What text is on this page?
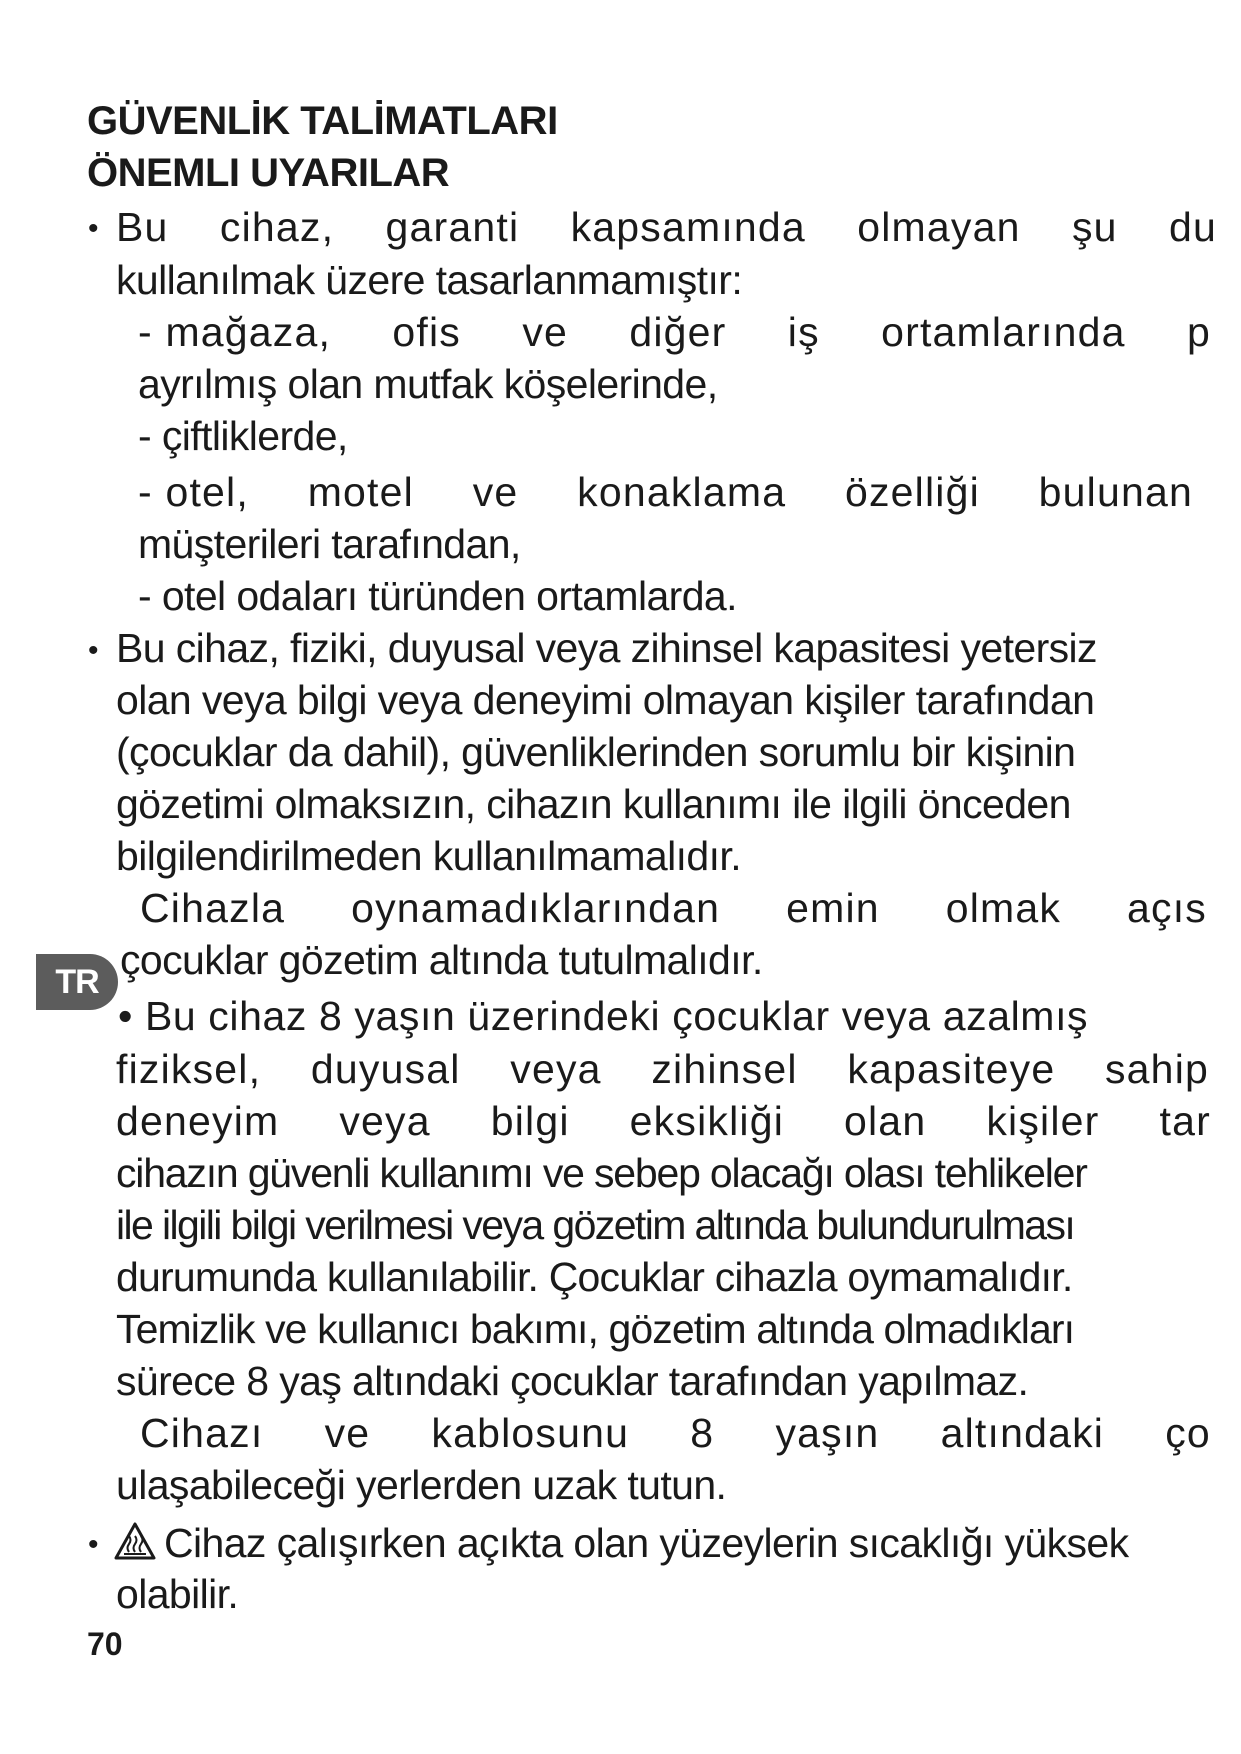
GÜVENLİK TALİMATLARI
ÖNEMLI UYARILAR
• Bu cihaz, garanti kapsamında olmayan şu du
kullanılmak üzere tasarlanmamıştır:
- mağaza, ofis ve diğer iş ortamlarında p
ayrılmış olan mutfak köşelerinde,
- çiftliklerde,
- otel, motel ve konaklama özelliği bulunan
müşterileri tarafından,
- otel odaları türünden ortamlarda.
• Bu cihaz, fiziki, duyusal veya zihinsel kapasitesi yetersiz
olan veya bilgi veya deneyimi olmayan kişiler tarafından
(çocuklar da dahil), güvenliklerinden sorumlu bir kişinin
gözetimi olmaksızın, cihazın kullanımı ile ilgili önceden
bilgilendirilmeden kullanılmamalıdır.
Cihazla oynamadıklarından emin olmak açıs
çocuklar gözetim altında tutulmalıdır.
• Bu cihaz 8 yaşın üzerindeki çocuklar veya azalmış
fiziksel, duyusal veya zihinsel kapasiteye sahip
deneyim veya bilgi eksikliği olan kişiler tar
cihazın güvenli kullanımı ve sebep olacağı olası tehlikeler
ile ilgili bilgi verilmesi veya gözetim altında bulundurulması
durumunda kullanılabilir. Çocuklar cihazla oymamalıdır.
Temizlik ve kullanıcı bakımı, gözetim altında olmadıkları
sürece 8 yaş altındaki çocuklar tarafından yapılmaz.
Cihazı ve kablosunu 8 yaşın altındaki ço
ulaşabileceği yerlerden uzak tutun.
•	Cihaz çalışırken açıkta olan yüzeylerin sıcaklığı yüksek
olabilir.
TR
70
